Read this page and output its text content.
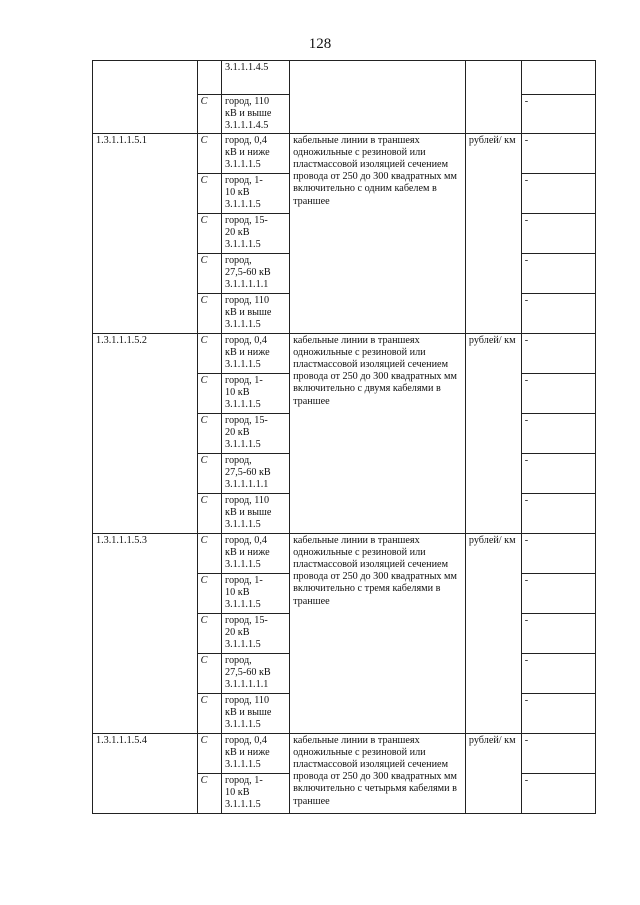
128

		3.1.1.1.4.5			

	С	город, 110
кВ и выше
3.1.1.1.4.5			-
1.3.1.1.1.5.1	С	город, 0,4
кВ и ниже
3.1.1.1.5	кабельные линии в траншеях одножильные с резиновой или пластмассовой изоляцией сечением провода от 250 до 300 квадратных мм включительно с одним кабелем в траншее	рублей/ км	-
	С	город, 1-
10 кВ
3.1.1.1.5			-
	С	город, 15-
20 кВ
3.1.1.1.5			-
	С	город,
27,5-60 кВ
3.1.1.1.1.1			-
	С	город, 110
кВ и выше
3.1.1.1.5			-
1.3.1.1.1.5.2	С	город, 0,4
кВ и ниже
3.1.1.1.5	кабельные линии в траншеях одножильные с резиновой или пластмассовой изоляцией сечением провода от 250 до 300 квадратных мм включительно с двумя кабелями в траншее	рублей/ км	-
	С	город, 1-
10 кВ
3.1.1.1.5			-
	С	город, 15-
20 кВ
3.1.1.1.5			-
	С	город,
27,5-60 кВ
3.1.1.1.1.1			-
	С	город, 110
кВ и выше
3.1.1.1.5			-
1.3.1.1.1.5.3	С	город, 0,4
кВ и ниже
3.1.1.1.5	кабельные линии в траншеях одножильные с резиновой или пластмассовой изоляцией сечением провода от 250 до 300 квадратных мм включительно с тремя кабелями в траншее	рублей/ км	-
	С	город, 1-
10 кВ
3.1.1.1.5			-
	С	город, 15-
20 кВ
3.1.1.1.5			-
	С	город,
27,5-60 кВ
3.1.1.1.1.1			-
	С	город, 110
кВ и выше
3.1.1.1.5			-
1.3.1.1.1.5.4	С	город, 0,4
кВ и ниже
3.1.1.1.5	кабельные линии в траншеях одножильные с резиновой или пластмассовой изоляцией сечением провода от 250 до 300 квадратных мм включительно с четырьмя кабелями в траншее	рублей/ км	-
	С	город, 1-
10 кВ
3.1.1.1.5			-
